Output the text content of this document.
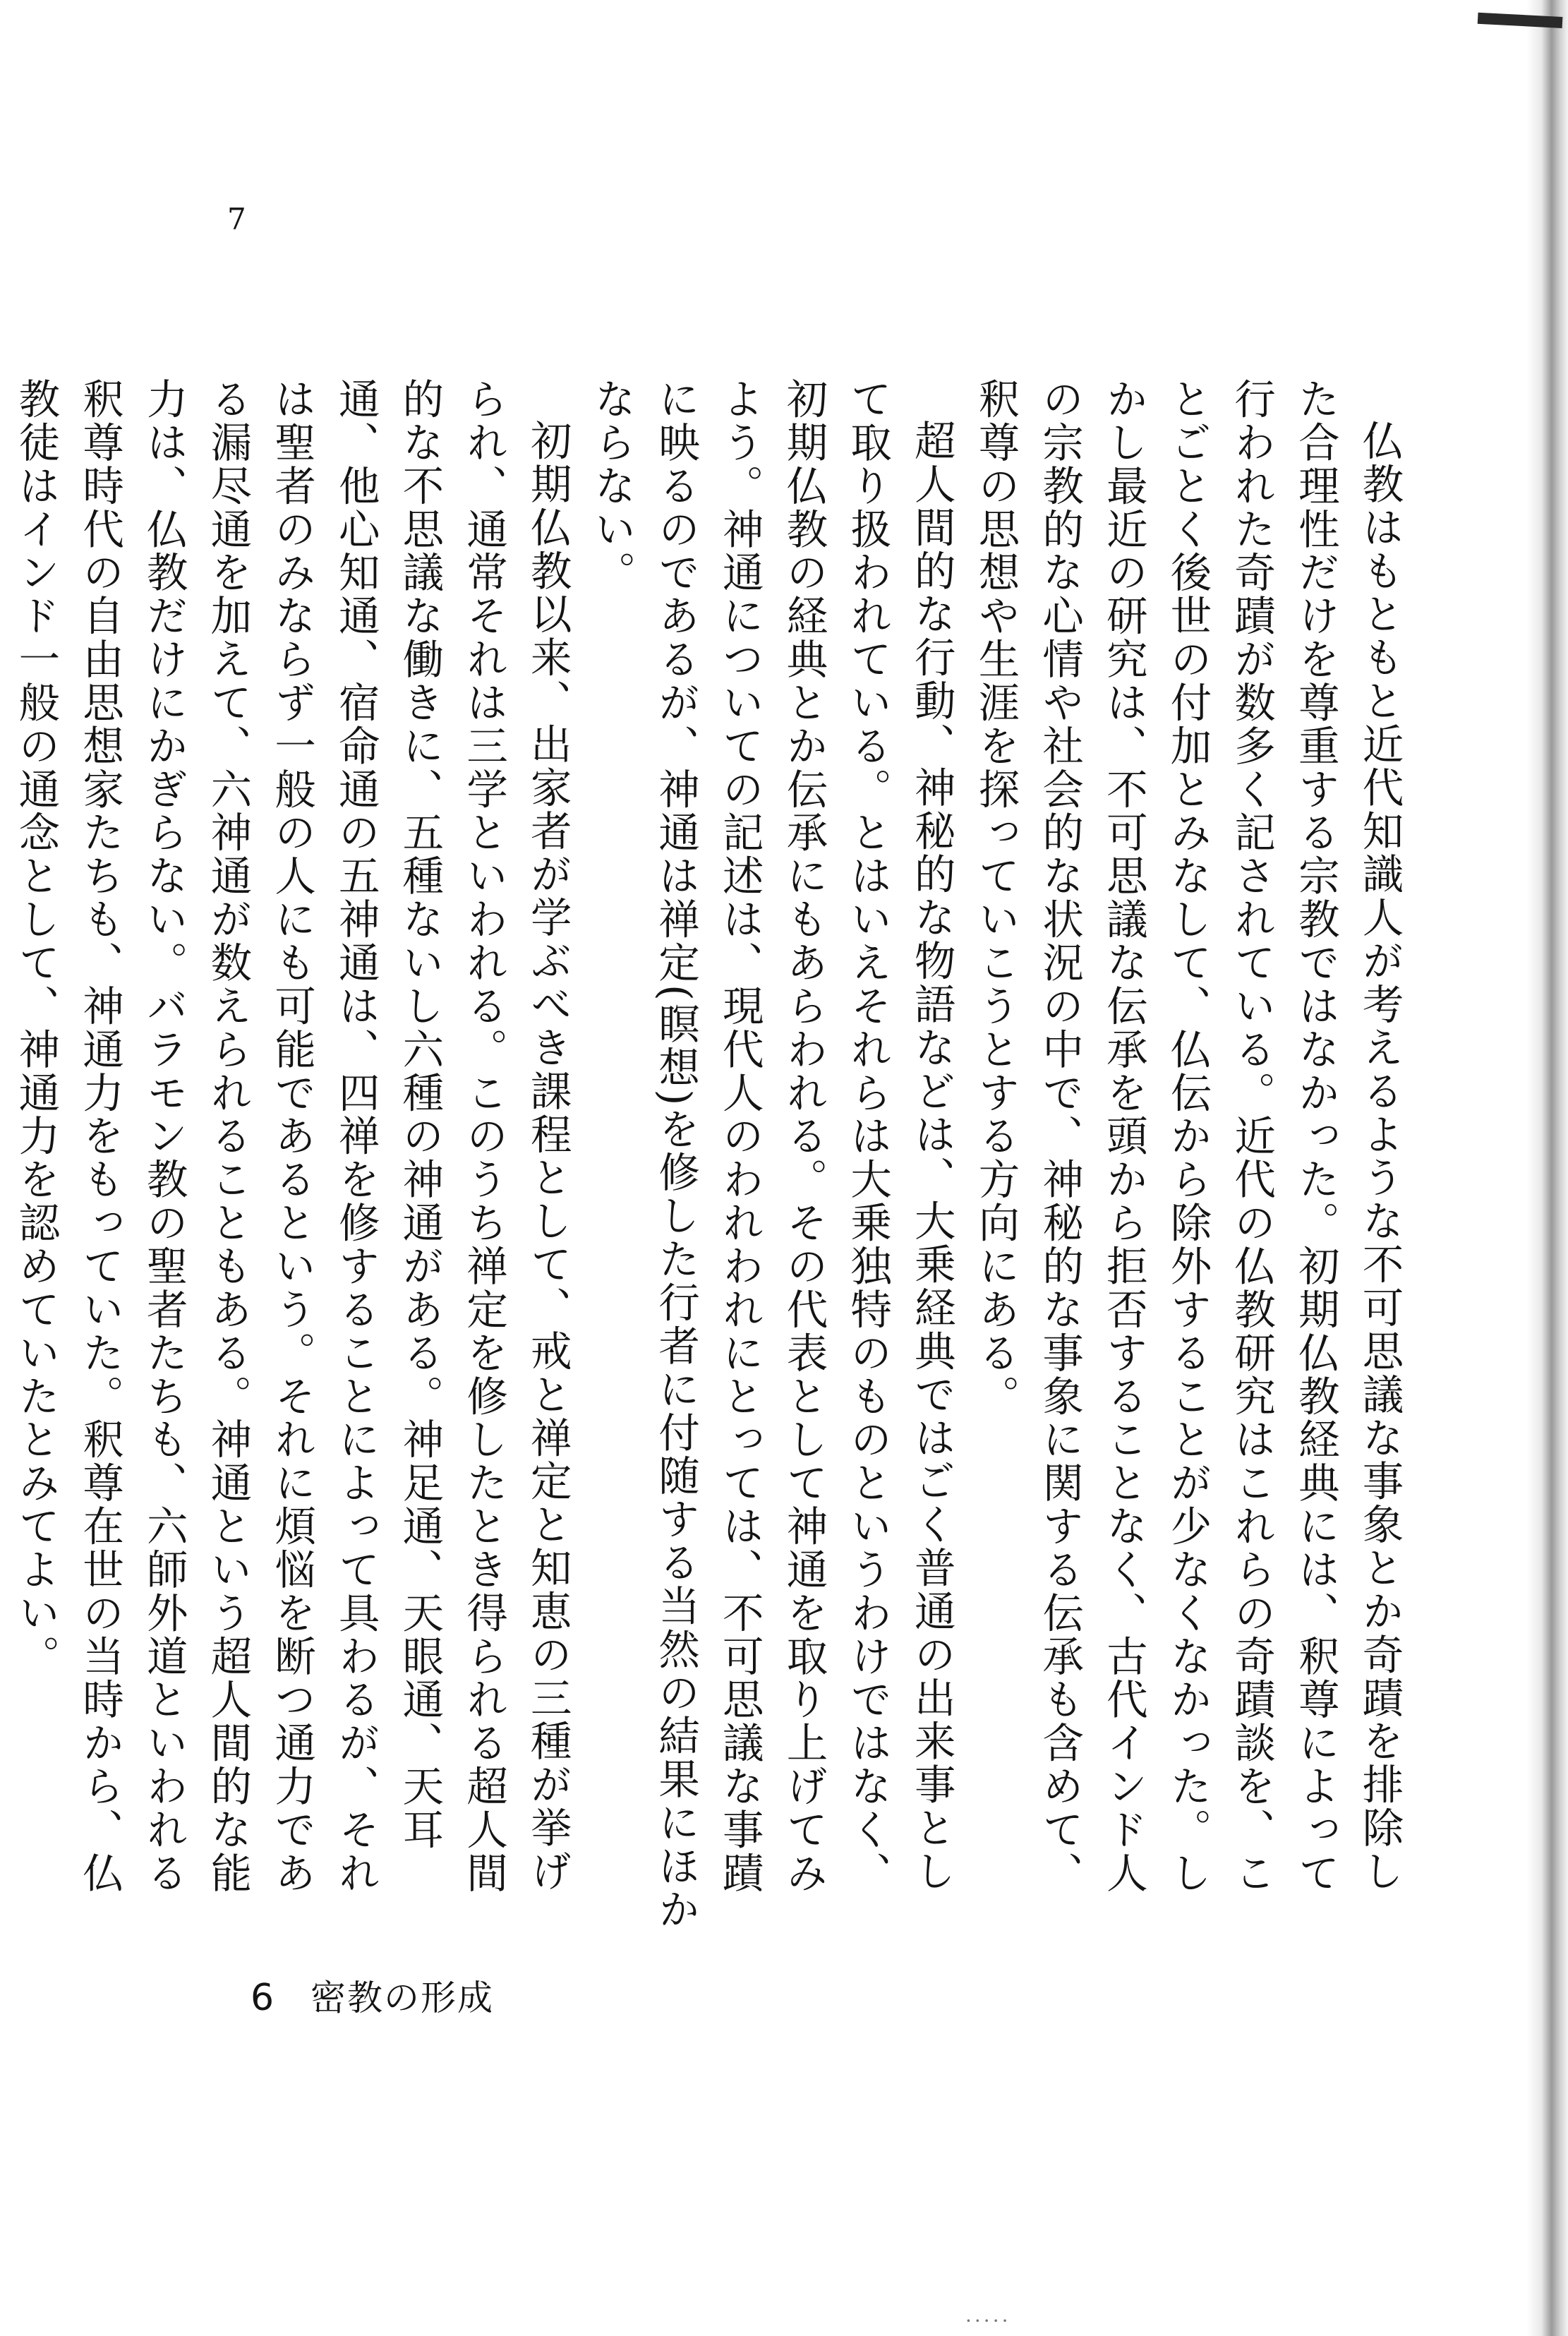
7

仏教はもともと近代知識人が考えるような不可思議な事象とか奇蹟を排除した合理性だけを尊重する宗教ではなかった。初期仏教経典には、釈尊によって行われた奇蹟が数多く記されている。近代の仏教研究はこれらの奇蹟談を、ことごとく後世の付加とみなして、仏伝から除外することが少なくなかった。しかし最近の研究は、不可思議な伝承を頭から拒否することなく、古代インド人の宗教的な心情や社会的な状況の中で、神秘的な事象に関する伝承も含めて、釈尊の思想や生涯を探っていこうとする方向にある。

超人間的な行動、神秘的な物語などは、大乗経典ではごく普通の出来事として取り扱われている。とはいえそれらは大乗独特のものというわけではなく、初期仏教の経典とか伝承にもあらわれる。その代表として神通を取り上げてみよう。神通についての記述は、現代人のわれわれにとっては、不可思議な事蹟に映るのであるが、神通は禅定(瞑想)を修した行者に付随する当然の結果にほかならない。

初期仏教以来、出家者が学ぶべき課程として、戒と禅定と知恵の三種が挙げられ、通常それは三学といわれる。このうち禅定を修したとき得られる超人間的な不思議な働きに、五種ないし六種の神通がある。神足通、天眼通、天耳通、他心知通、宿命通の五神通は、四禅を修することによって具わるが、それは聖者のみならず一般の人にも可能であるという。それに煩悩を断つ通力である漏尽通を加えて、六神通が数えられることもある。神通という超人間的な能力は、仏教だけにかぎらない。バラモン教の聖者たちも、六師外道といわれる釈尊時代の自由思想家たちも、神通力をもっていた。釈尊在世の当時から、仏教徒はインド一般の通念として、神通力を認めていたとみてよい。

6 密教の形成
·····
